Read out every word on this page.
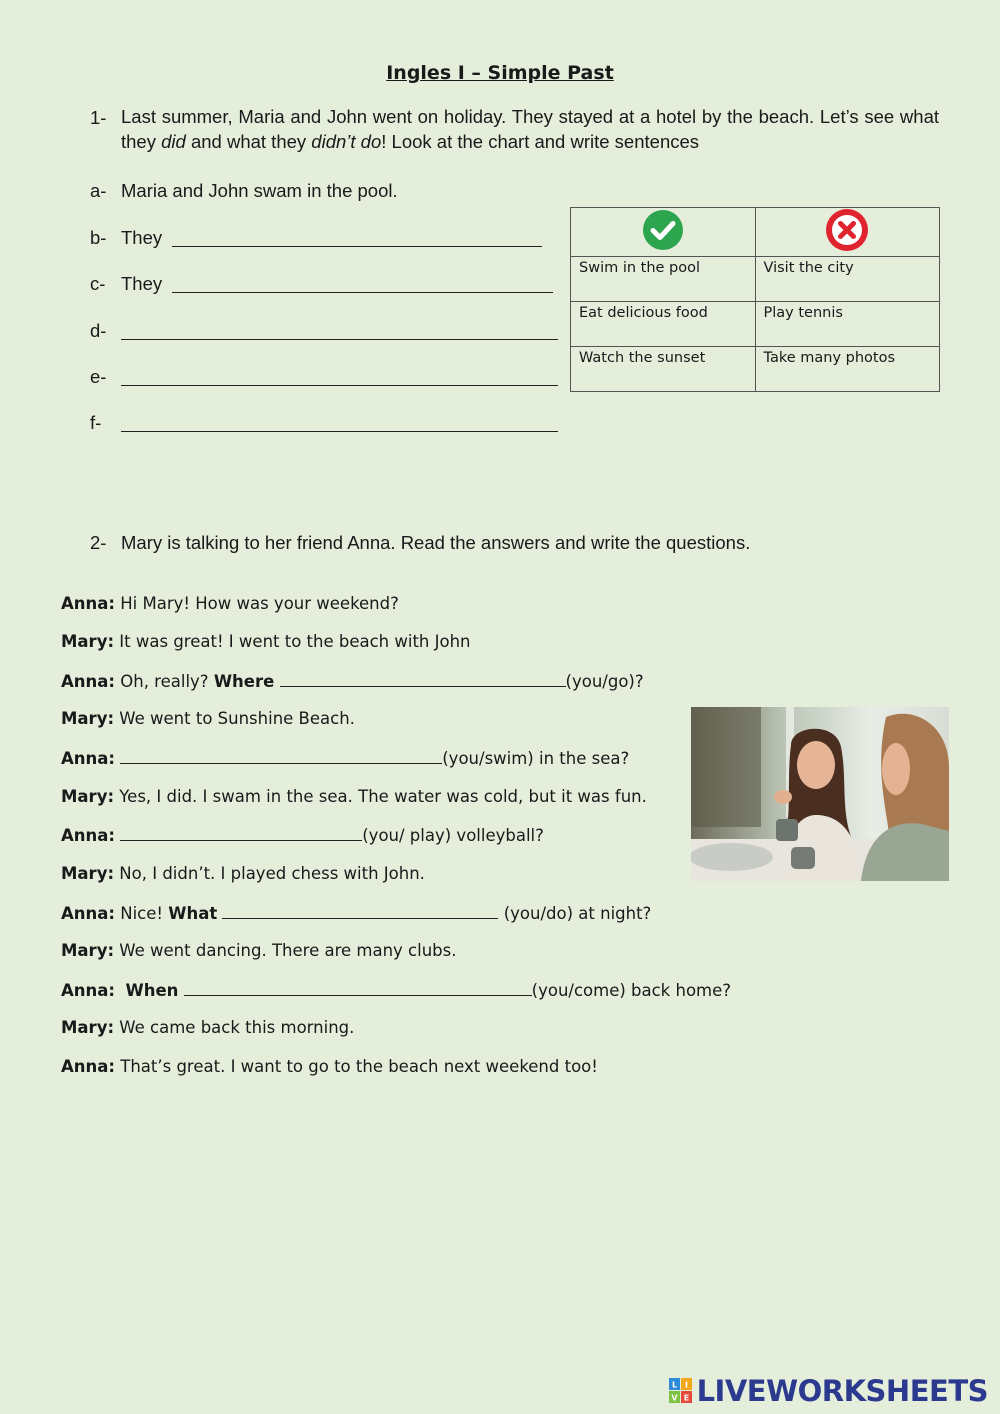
Ingles I – Simple Past
1- Last summer, Maria and John went on holiday. They stayed at a hotel by the beach. Let’s see what they did and what they didn’t do! Look at the chart and write sentences
a- Maria and John swam in the pool.
b- They
c- They
d-
e-
f-

Swim in the pool	Visit the city
Eat delicious food	Play tennis
Watch the sunset	Take many photos
2- Mary is talking to her friend Anna. Read the answers and write the questions.
Anna: Hi Mary! How was your weekend?
Mary: It was great! I went to the beach with John
Anna: Oh, really? Where	(you/go)?
Mary: We went to Sunshine Beach.
Anna:	(you/swim) in the sea?
Mary: Yes, I did. I swam in the sea. The water was cold, but it was fun.
Anna:	(you/ play) volleyball?
Mary: No, I didn’t. I played chess with John.
Anna: Nice! What	(you/do) at night?
Mary: We went dancing. There are many clubs.
Anna: When	(you/come) back home?
Mary: We came back this morning.
Anna: That’s great. I want to go to the beach next weekend too!
L I
V E LIVEWORKSHEETS
